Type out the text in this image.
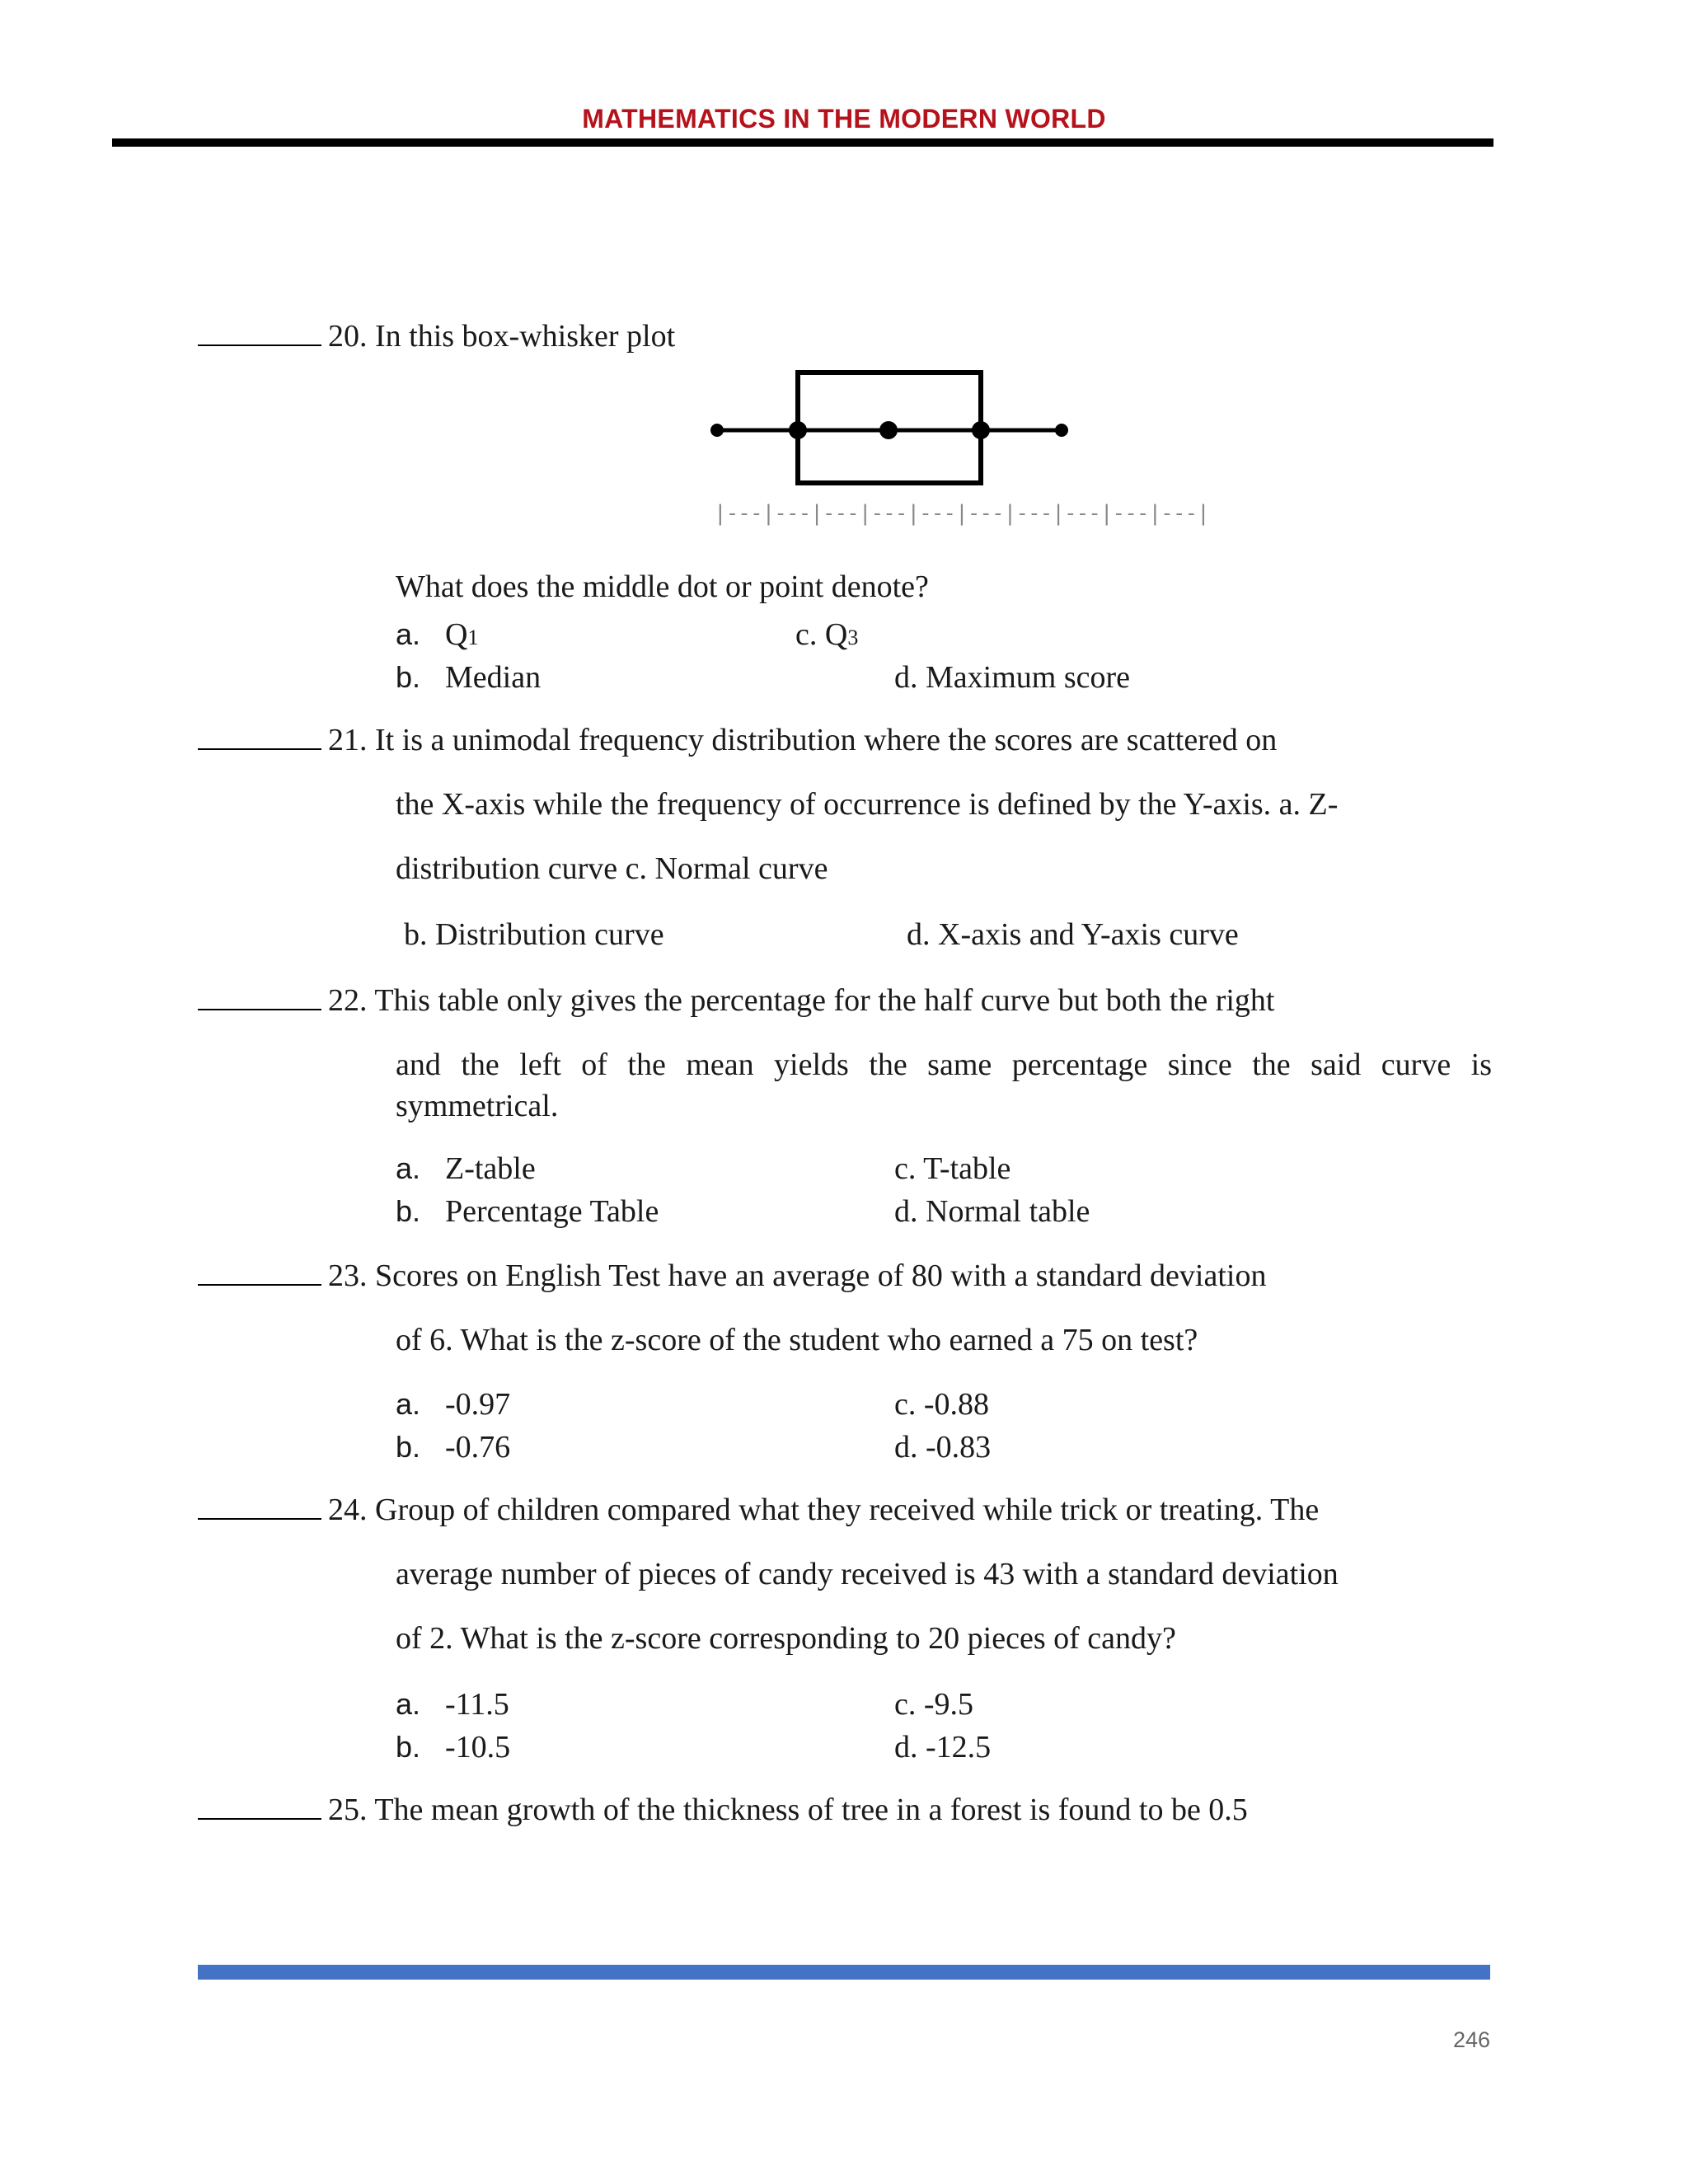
MATHEMATICS IN THE MODERN WORLD
20. In this box-whisker plot
|---|---|---|---|---|---|---|---|---|---|
What does the middle dot or point denote?
a. Q1	c. Q3
b. Median	d. Maximum score
21. It is a unimodal frequency distribution where the scores are scattered on
the X-axis while the frequency of occurrence is defined by the Y-axis. a. Z-
distribution curve c. Normal curve
b. Distribution curve	d. X-axis and Y-axis curve
22. This table only gives the percentage for the half curve but both the right
and the left of the mean yields the same percentage since the said curve is
symmetrical.
a. Z-table	c. T-table
b. Percentage Table	d. Normal table
23. Scores on English Test have an average of 80 with a standard deviation
of 6. What is the z-score of the student who earned a 75 on test?
a. -0.97	c. -0.88
b. -0.76	d. -0.83
24. Group of children compared what they received while trick or treating. The
average number of pieces of candy received is 43 with a standard deviation
of 2. What is the z-score corresponding to 20 pieces of candy?
a. -11.5	c. -9.5
b. -10.5	d. -12.5
25. The mean growth of the thickness of tree in a forest is found to be 0.5
246
